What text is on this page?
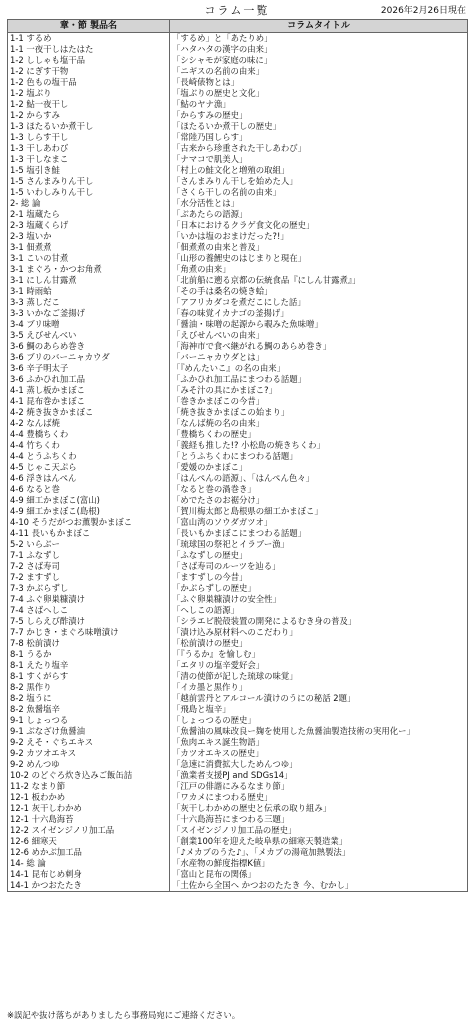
コラム一覧	2026年2月26日現在
章・節 製品名	コラムタイトル
1-1 するめ	「するめ」と「あたりめ」
1-1 一夜干しはたはた	「ハタハタの漢字の由来」
1-2 ししゃも塩干品	「シシャモが家庭の味に」
1-2 にぎす干物	「ニギスの名前の由来」
1-2 色もの塩干品	「長崎俵物とは」
1-2 塩ぶり	「塩ぶりの歴史と文化」
1-2 鮎一夜干し	「鮎のヤナ漁」
1-2 からすみ	「からすみの歴史」
1-3 ほたるいか煮干し	「ほたるいか煮干しの歴史」
1-3 しらす干し	「常陸乃国しらす」
1-3 干しあわび	「古来から珍重された干しあわび」
1-3 干しなまこ	「ナマコで肌美人」
1-5 塩引き鮭	「村上の鮭文化と増殖の取組」
1-5 さんまみりん干し	「さんまみりん干しを始めた人」
1-5 いわしみりん干し	「さくら干しの名前の由来」
2- 総 論	「水分活性とは」
2-1 塩蔵たら	「ぶあたらの語源」
2-3 塩蔵くらげ	「日本におけるクラゲ食文化の歴史」
2-3 塩いか	「いかは塩のおまけだった?!」
3-1 佃煮煮	「佃煮煮の由来と普及」
3-1 こいの甘煮	「山形の養鯉史のはじまりと現在」
3-1 まぐろ・かつお角煮	「角煮の由来」
3-1 にしん甘露煮	「北前船に遡る京都の伝統食品『にしん甘露煮』」
3-1 時雨蛤	「その手は桑名の焼き蛤」
3-3 蒸しだこ	「アフリカダコを煮だこにした話」
3-3 いかなご釜揚げ	「春の味覚イカナゴの釜揚げ」
3-4 ブリ味噌	「醤油・味噌の起源から覗みた魚味噌」
3-5 えびせんべい	「えびせんべいの由来」
3-6 鯛のあらめ巻き	「海神市で食べ継がれる鯛のあらめ巻き」
3-6 ブリのバーニャカウダ	「バーニャカウダとは」
3-6 辛子明太子	「『めんたいこ』の名の由来」
3-6 ふかひれ加工品	「ふかひれ加工品にまつわる話題」
4-1 蒸し板かまぼこ	「みそ汁の具にかまぼこ?」
4-1 昆布巻かまぼこ	「巻きかまぼこの今昔」
4-2 焼き抜きかまぼこ	「焼き抜きかまぼこの始まり」
4-2 なんば焼	「なんば焼の名の由来」
4-4 豊橋ちくわ	「豊橋ちくわの歴史」
4-4 竹ちくわ	「義経も推した!? 小松島の焼きちくわ」
4-4 とうふちくわ	「とうふちくわにまつわる話題」
4-5 じゃこ天ぷら	「愛媛のかまぼこ」
4-6 浮きはんぺん	「はんぺんの語源」、「はんぺん色々」
4-6 なると巻	「なると巻の渦巻き」
4-9 細工かまぼこ(富山)	「めでたさのお裾分け」
4-9 細工かまぼこ(島根)	「賀川梅太郎と島根県の細工かまぼこ」
4-10 そうだがつお薫製かまぼこ	「富山湾のソウダガツオ」
4-11 長いもかまぼこ	「長いもかまぼこにまつわる話題」
5-2 いらぶー	「琉球国の祭祀とイラブー漁」
7-1 ふなずし	「ふなずしの歴史」
7-2 さば寿司	「さば寿司のルーツを辿る」
7-2 ますずし	「ますずしの今昔」
7-3 かぶらずし	「かぶらずしの歴史」
7-4 ふぐ卵巣糠漬け	「ふぐ卵巣糠漬けの安全性」
7-4 さばへしこ	「へしこの語源」
7-5 しらえび酢漬け	「シラエビ脱殻装置の開発によるむき身の普及」
7-7 かじき・まぐろ味噌漬け	「漬け込み原材料へのこだわり」
7-8 松前漬け	「松前漬けの歴史」
8-1 うるか	「『うるか』を愉しむ」
8-1 えたり塩辛	「エタリの塩辛愛好会」
8-1 すくがらす	「清の使節が記した琉球の味覚」
8-2 黒作り	「イカ墨と黒作り」
8-2 塩うに	「越前雲丹とアルコール漬けのうにの秘話 2題」
8-2 魚醤塩辛	「飛島と塩辛」
9-1 しょっつる	「しょっつるの歴史」
9-1 ぶなざけ魚醤油	「魚醤油の風味改良ー麹を使用した魚醤油製造技術の実用化ー」
9-2 えそ・ぐちエキス	「魚肉エキス誕生物語」
9-2 カツオエキス	「カツオエキスの歴史」
9-2 めんつゆ	「急速に消費拡大しためんつゆ」
10-2 のどぐろ炊き込みご飯缶詰	「漁業者支援PJ and SDGs14」
11-2 なまり節	「江戸の俳諧にみるなまり節」
12-1 板わかめ	「ワカメにまつわる歴史」
12-1 灰干しわかめ	「灰干しわかめの歴史と伝承の取り組み」
12-1 十六島海苔	「十六島海苔にまつわる三題」
12-2 スイゼンジノリ加工品	「スイゼンジノリ加工品の歴史」
12-6 細寒天	「創業100年を迎えた岐阜県の細寒天製造業」
12-6 めかぶ加工品	「♪メカブのうた♪」、「メカブの湯竜加熱製法」
14- 総 論	「水産物の鮮度指標K値」
14-1 昆布じめ刺身	「富山と昆布の関係」
14-1 かつおたたき	「土佐から全国へ かつおのたたき 今、むかし」
※誤記や抜け落ちがありましたら事務局宛にご連絡ください。
